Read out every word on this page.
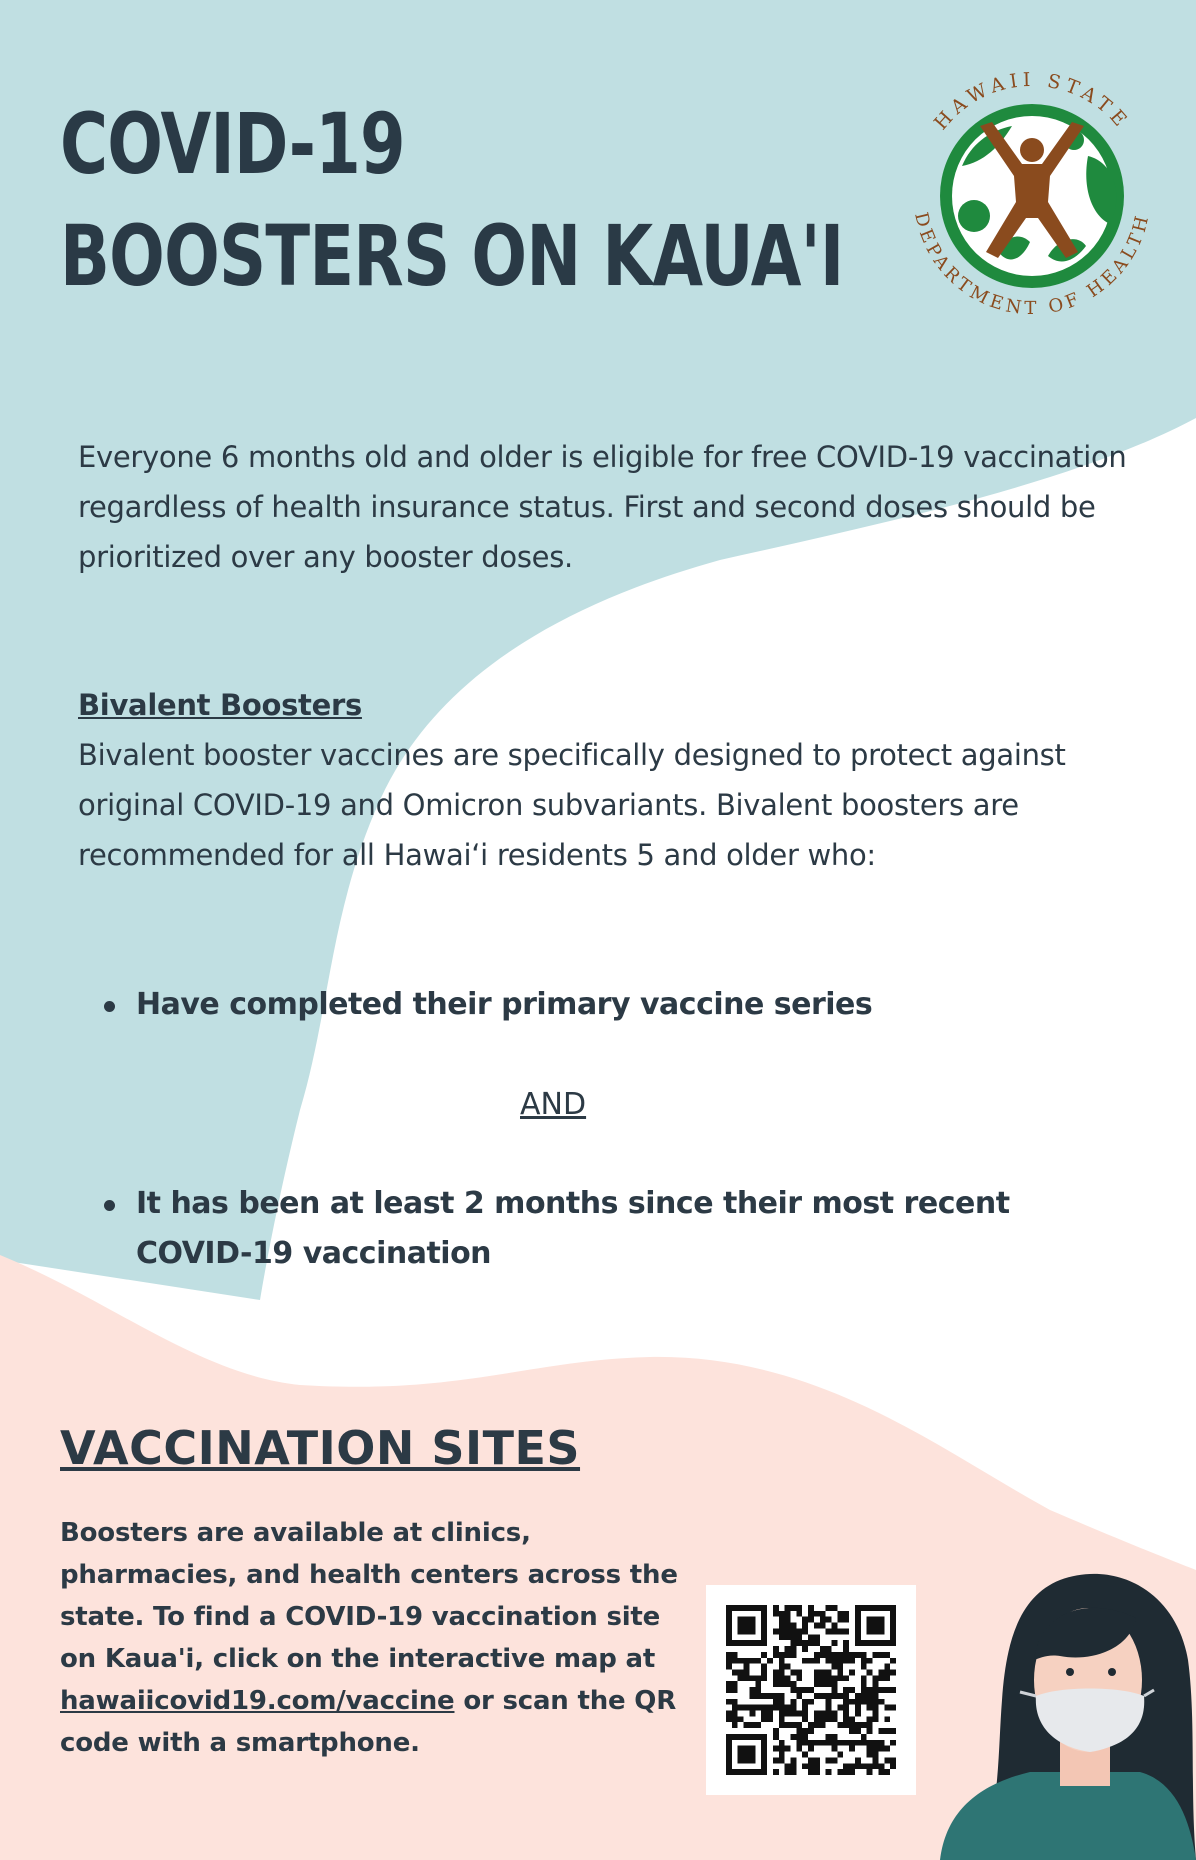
COVID-19
BOOSTERS ON KAUA'I
HAWAII STATE
DEPARTMENT OF HEALTH

Everyone 6 months old and older is eligible for free COVID-19 vaccination regardless of health insurance status. First and second doses should be prioritized over any booster doses.

Bivalent Boosters

Bivalent booster vaccines are specifically designed to protect against original COVID-19 and Omicron subvariants. Bivalent boosters are recommended for all Hawai‘i residents 5 and older who:

Have completed their primary vaccine series
AND
It has been at least 2 months since their most recent COVID-19 vaccination
VACCINATION SITES

Boosters are available at clinics, pharmacies, and health centers across the state. To find a COVID-19 vaccination site on Kaua'i, click on the interactive map at hawaiicovid19.com/vaccine or scan the QR code with a smartphone.
